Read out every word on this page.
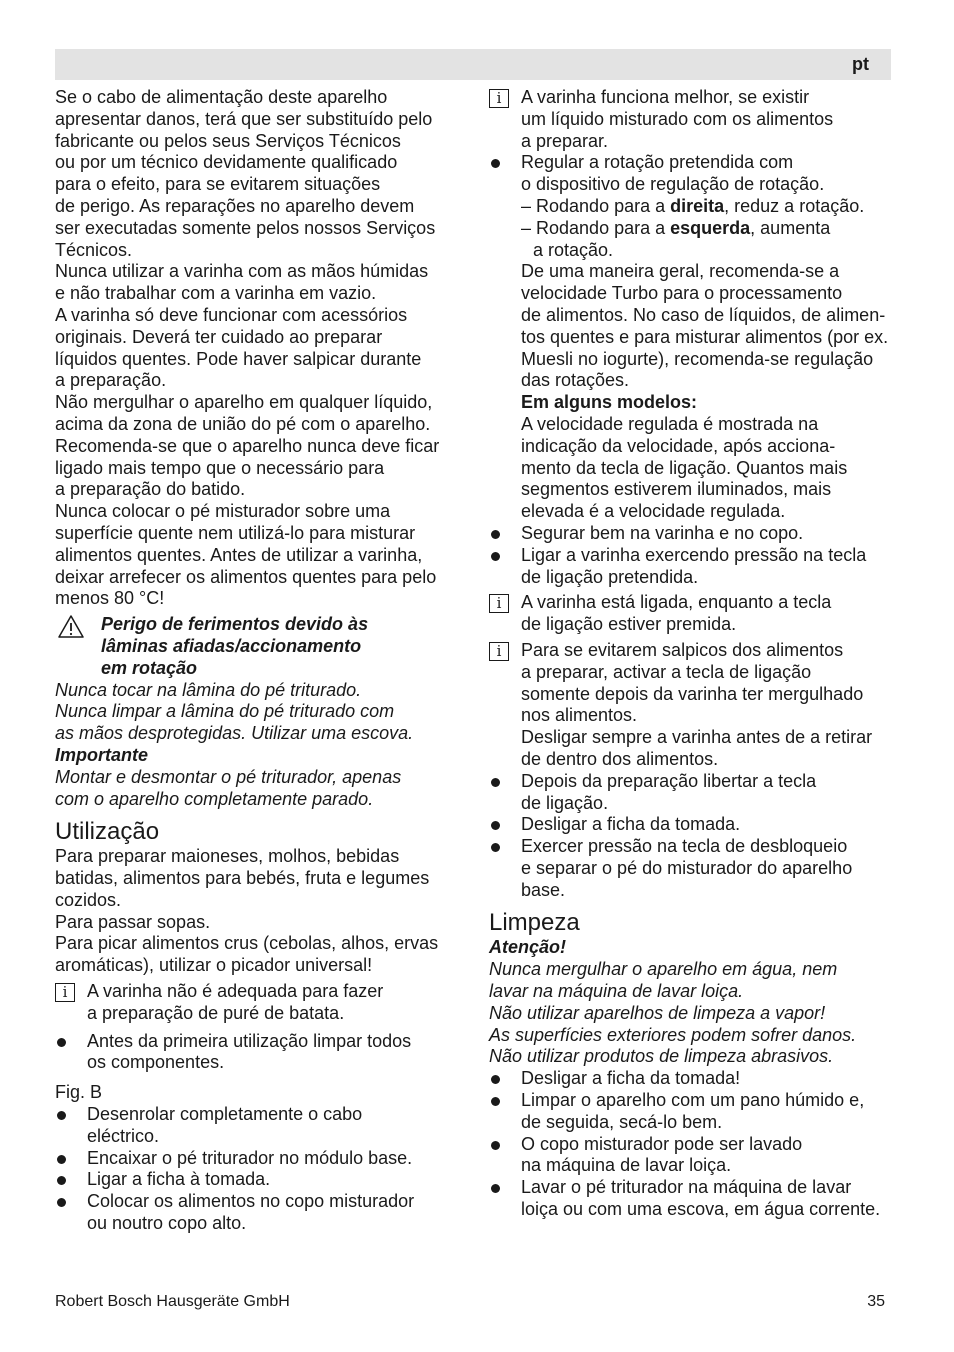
pt
Se o cabo de alimentação deste aparelho
apresentar danos, terá que ser substituído pelo
fabricante ou pelos seus Serviços Técnicos
ou por um técnico devidamente qualificado
para o efeito, para se evitarem situações
de perigo. As reparações no aparelho devem
ser executadas somente pelos nossos Serviços
Técnicos.
Nunca utilizar a varinha com as mãos húmidas
e não trabalhar com a varinha em vazio.
A varinha só deve funcionar com acessórios
originais. Deverá ter cuidado ao preparar
líquidos quentes. Pode haver salpicar durante
a preparação.
Não mergulhar o aparelho em qualquer líquido,
acima da zona de união do pé com o aparelho.
Recomenda-se que o aparelho nunca deve ficar
ligado mais tempo que o necessário para
a preparação do batido.
Nunca colocar o pé misturador sobre uma
superfície quente nem utilizá-lo para misturar
alimentos quentes. Antes de utilizar a varinha,
deixar arrefecer os alimentos quentes para pelo
menos 80 °C!
Perigo de ferimentos devido às
lâminas afiadas/accionamento
em rotação
Nunca tocar na lâmina do pé triturado.
Nunca limpar a lâmina do pé triturado com
as mãos desprotegidas. Utilizar uma escova.
Importante
Montar e desmontar o pé triturador, apenas
com o aparelho completamente parado.
Utilização
Para preparar maioneses, molhos, bebidas
batidas, alimentos para bebés, fruta e legumes
cozidos.
Para passar sopas.
Para picar alimentos crus (cebolas, alhos, ervas
aromáticas), utilizar o picador universal!
i	A varinha não é adequada para fazer
a preparação de puré de batata.
Antes da primeira utilização limpar todos
os componentes.
Fig. B
Desenrolar completamente o cabo
eléctrico.
Encaixar o pé triturador no módulo base.
Ligar a ficha à tomada.
Colocar os alimentos no copo misturador
ou noutro copo alto.
i	A varinha funciona melhor, se existir
um líquido misturado com os alimentos
a preparar.
Regular a rotação pretendida com
o dispositivo de regulação de rotação.
– Rodando para a direita, reduz a rotação.
– Rodando para a esquerda, aumenta
a rotação.
De uma maneira geral, recomenda-se a
velocidade Turbo para o processamento
de alimentos. No caso de líquidos, de alimen-
tos quentes e para misturar alimentos (por ex.
Muesli no iogurte), recomenda-se regulação
das rotações.
Em alguns modelos:
A velocidade regulada é mostrada na
indicação da velocidade, após acciona-
mento da tecla de ligação. Quantos mais
segmentos estiverem iluminados, mais
elevada é a velocidade regulada.
Segurar bem na varinha e no copo.
Ligar a varinha exercendo pressão na tecla
de ligação pretendida.
i	A varinha está ligada, enquanto a tecla
de ligação estiver premida.
i	Para se evitarem salpicos dos alimentos
a preparar, activar a tecla de ligação
somente depois da varinha ter mergulhado
nos alimentos.
Desligar sempre a varinha antes de a retirar
de dentro dos alimentos.
Depois da preparação libertar a tecla
de ligação.
Desligar a ficha da tomada.
Exercer pressão na tecla de desbloqueio
e separar o pé do misturador do aparelho
base.
Limpeza
Atenção!
Nunca mergulhar o aparelho em água, nem
lavar na máquina de lavar loiça.
Não utilizar aparelhos de limpeza a vapor!
As superfícies exteriores podem sofrer danos.
Não utilizar produtos de limpeza abrasivos.
Desligar a ficha da tomada!
Limpar o aparelho com um pano húmido e,
de seguida, secá-lo bem.
O copo misturador pode ser lavado
na máquina de lavar loiça.
Lavar o pé triturador na máquina de lavar
loiça ou com uma escova, em água corrente.
Robert Bosch Hausgeräte GmbH	35
